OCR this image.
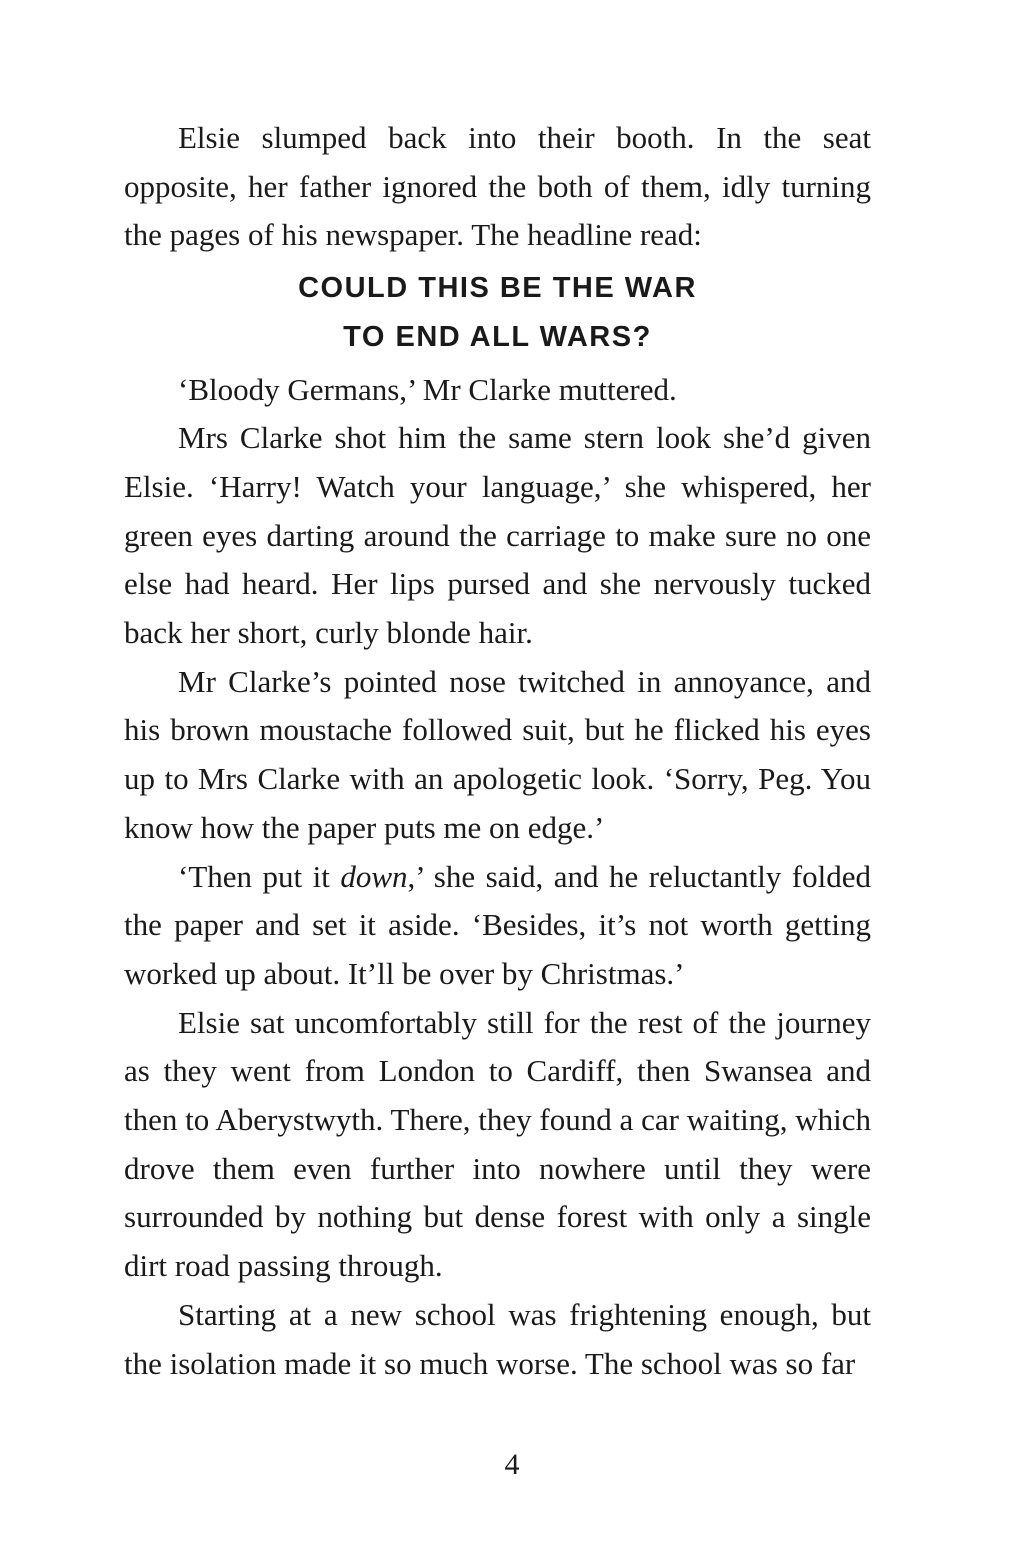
Elsie slumped back into their booth. In the seat opposite, her father ignored the both of them, idly turning the pages of his newspaper. The headline read:

COULD THIS BE THE WAR
TO END ALL WARS?

‘Bloody Germans,’ Mr Clarke muttered.

Mrs Clarke shot him the same stern look she’d given Elsie. ‘Harry! Watch your language,’ she whispered, her green eyes darting around the carriage to make sure no one else had heard. Her lips pursed and she nervously tucked back her short, curly blonde hair.

Mr Clarke’s pointed nose twitched in annoyance, and his brown moustache followed suit, but he flicked his eyes up to Mrs Clarke with an apologetic look. ‘Sorry, Peg. You know how the paper puts me on edge.’

‘Then put it down,’ she said, and he reluctantly folded the paper and set it aside. ‘Besides, it’s not worth getting worked up about. It’ll be over by Christmas.’

Elsie sat uncomfortably still for the rest of the journey as they went from London to Cardiff, then Swansea and then to Aberystwyth. There, they found a car waiting, which drove them even further into nowhere until they were surrounded by nothing but dense forest with only a single dirt road passing through.

Starting at a new school was frightening enough, but the isolation made it so much worse. The school was so far

4
